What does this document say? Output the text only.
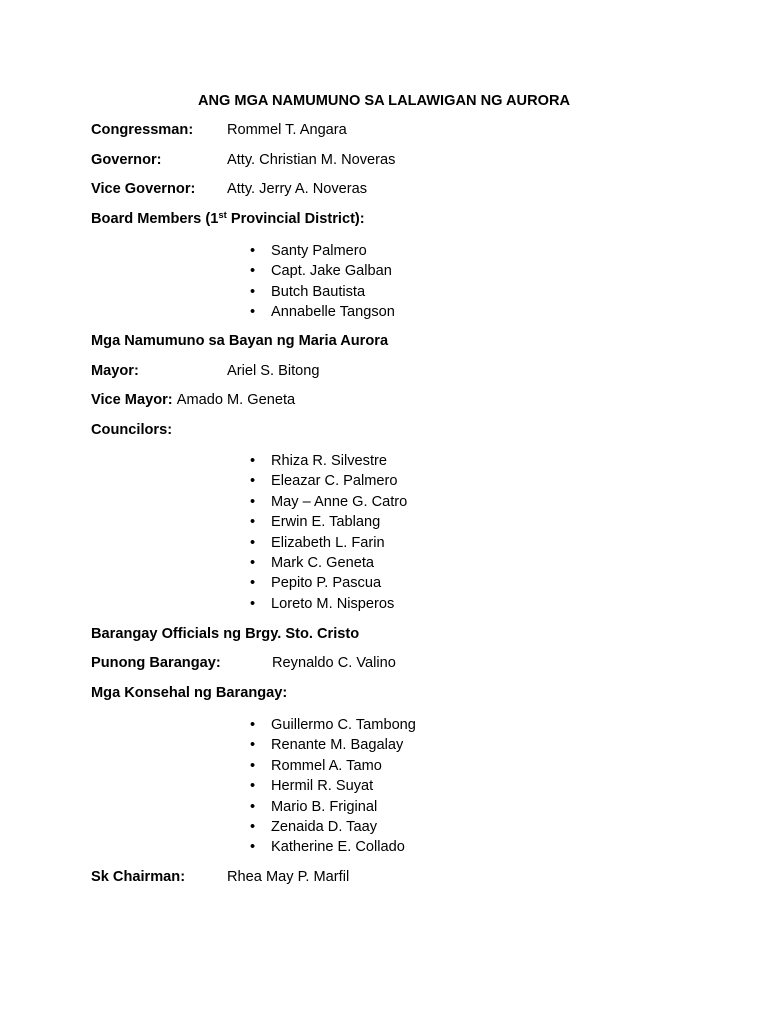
ANG MGA NAMUMUNO SA LALAWIGAN NG AURORA
Congressman: Rommel T. Angara
Governor:	Atty. Christian M. Noveras
Vice Governor: Atty. Jerry A. Noveras
Board Members (1st Provincial District):
• Santy Palmero
• Capt. Jake Galban
• Butch Bautista
• Annabelle Tangson
Mga Namumuno sa Bayan ng Maria Aurora
Mayor:	Ariel S. Bitong
Vice Mayor: Amado M. Geneta
Councilors:
• Rhiza R. Silvestre
• Eleazar C. Palmero
• May – Anne G. Catro
• Erwin E. Tablang
• Elizabeth L. Farin
• Mark C. Geneta
• Pepito P. Pascua
• Loreto M. Nisperos
Barangay Officials ng Brgy. Sto. Cristo
Punong Barangay:	Reynaldo C. Valino
Mga Konsehal ng Barangay:
• Guillermo C. Tambong
• Renante M. Bagalay
• Rommel A. Tamo
• Hermil R. Suyat
• Mario B. Friginal
• Zenaida D. Taay
• Katherine E. Collado
Sk Chairman:	Rhea May P. Marfil
